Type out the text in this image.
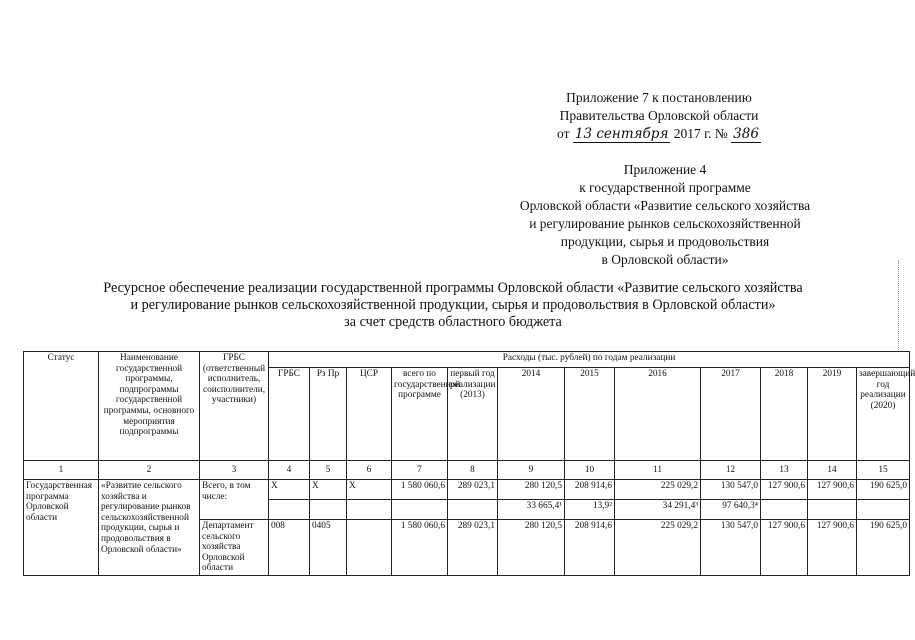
Приложение 7 к постановлению
Правительства Орловской области
от 13 сентября 2017 г. № 386
Приложение 4
к государственной программе
Орловской области «Развитие сельского хозяйства
и регулирование рынков сельскохозяйственной
продукции, сырья и продовольствия
в Орловской области»
Ресурсное обеспечение реализации государственной программы Орловской области «Развитие сельского хозяйства
и регулирование рынков сельскохозяйственной продукции, сырья и продовольствия в Орловской области»
за счет средств областного бюджета
Статус	Наименование государственной программы, подпрограммы государственной программы, основного мероприятия подпрограммы	ГРБС (ответственный исполнитель, соисполнители, участники)	Расходы (тыс. рублей) по годам реализации											
			ГРБС	Рз Пр	ЦСР	всего по государственной программе	первый год реализации (2013)	2014	2015	2016	2017	2018	2019	завершающий год реализации (2020)
1	2	3	4	5	6	7	8	9	10	11	12	13	14	15
Государственная программа Орловской области	«Развитие сельского хозяйства и регулирование рынков сельскохозяйственной продукции, сырья и продовольствия в Орловской области»	Всего, в том числе:	X	X	X	1 580 060,6	289 023,1	280 120,5	208 914,6	225 029,2	130 547,0	127 900,6	127 900,6	190 625,0
								33 665,4¹	13,9²	34 291,4³	97 640,3⁴			
		Департамент сельского хозяйства Орловской области	008	0405		1 580 060,6	289 023,1	280 120,5	208 914,6	225 029,2	130 547,0	127 900,6	127 900,6	190 625,0
